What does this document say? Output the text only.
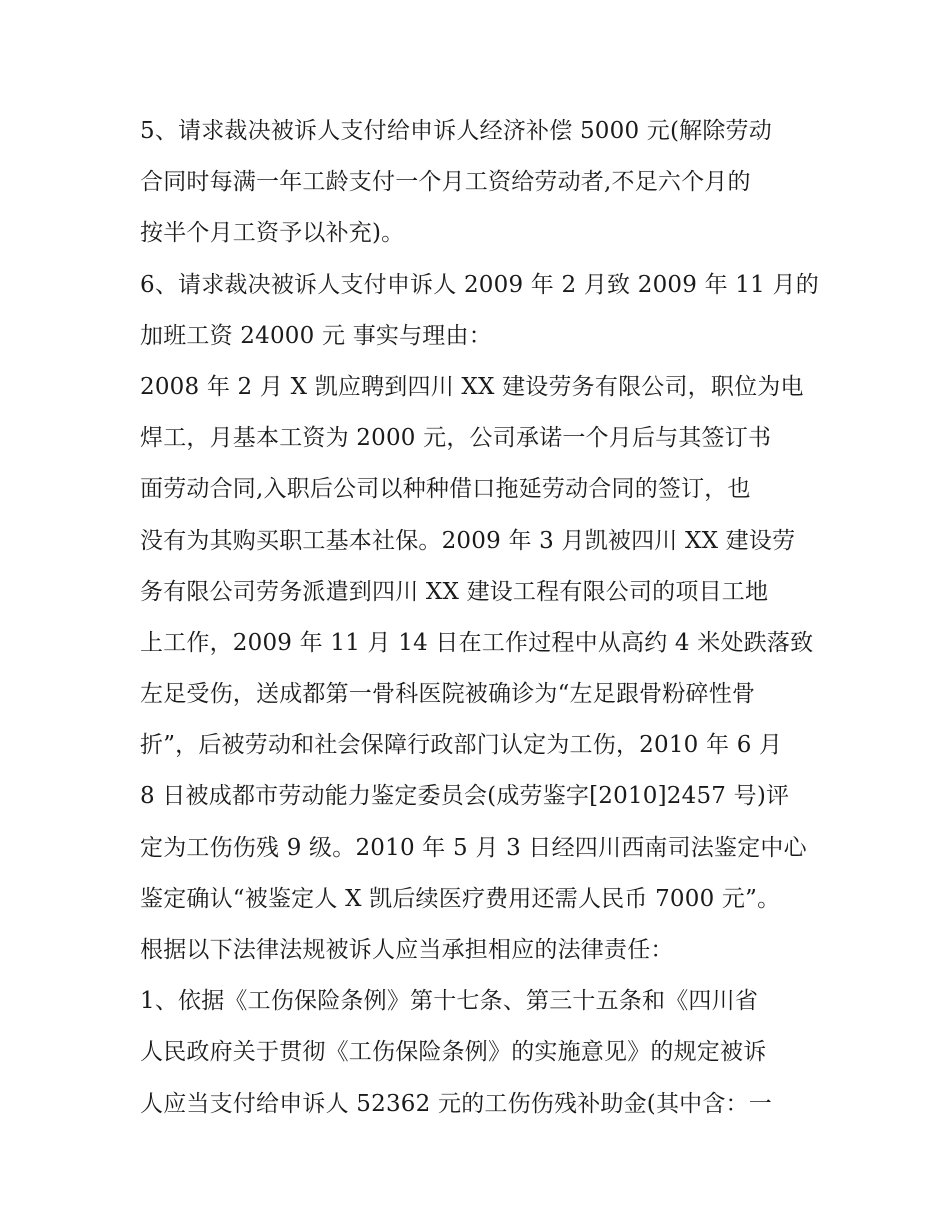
5、请求裁决被诉人支付给申诉人经济补偿 5000 元(解除劳动
合同时每满一年工龄支付一个月工资给劳动者,不足六个月的
按半个月工资予以补充)。
6、请求裁决被诉人支付申诉人 2009 年 2 月致 2009 年 11 月的
加班工资 24000 元 事实与理由：
2008 年 2 月 X 凯应聘到四川 XX 建设劳务有限公司，职位为电
焊工，月基本工资为 2000 元，公司承诺一个月后与其签订书
面劳动合同,入职后公司以种种借口拖延劳动合同的签订，也
没有为其购买职工基本社保。2009 年 3 月凯被四川 XX 建设劳
务有限公司劳务派遣到四川 XX 建设工程有限公司的项目工地
上工作，2009 年 11 月 14 日在工作过程中从高约 4 米处跌落致
左足受伤，送成都第一骨科医院被确诊为“左足跟骨粉碎性骨
折”，后被劳动和社会保障行政部门认定为工伤，2010 年 6 月
8 日被成都市劳动能力鉴定委员会(成劳鉴字[2010]2457 号)评
定为工伤伤残 9 级。2010 年 5 月 3 日经四川西南司法鉴定中心
鉴定确认“被鉴定人 X 凯后续医疗费用还需人民币 7000 元”。
根据以下法律法规被诉人应当承担相应的法律责任：
1、依据《工伤保险条例》第十七条、第三十五条和《四川省
人民政府关于贯彻《工伤保险条例》的实施意见》的规定被诉
人应当支付给申诉人 52362 元的工伤伤残补助金(其中含：一
